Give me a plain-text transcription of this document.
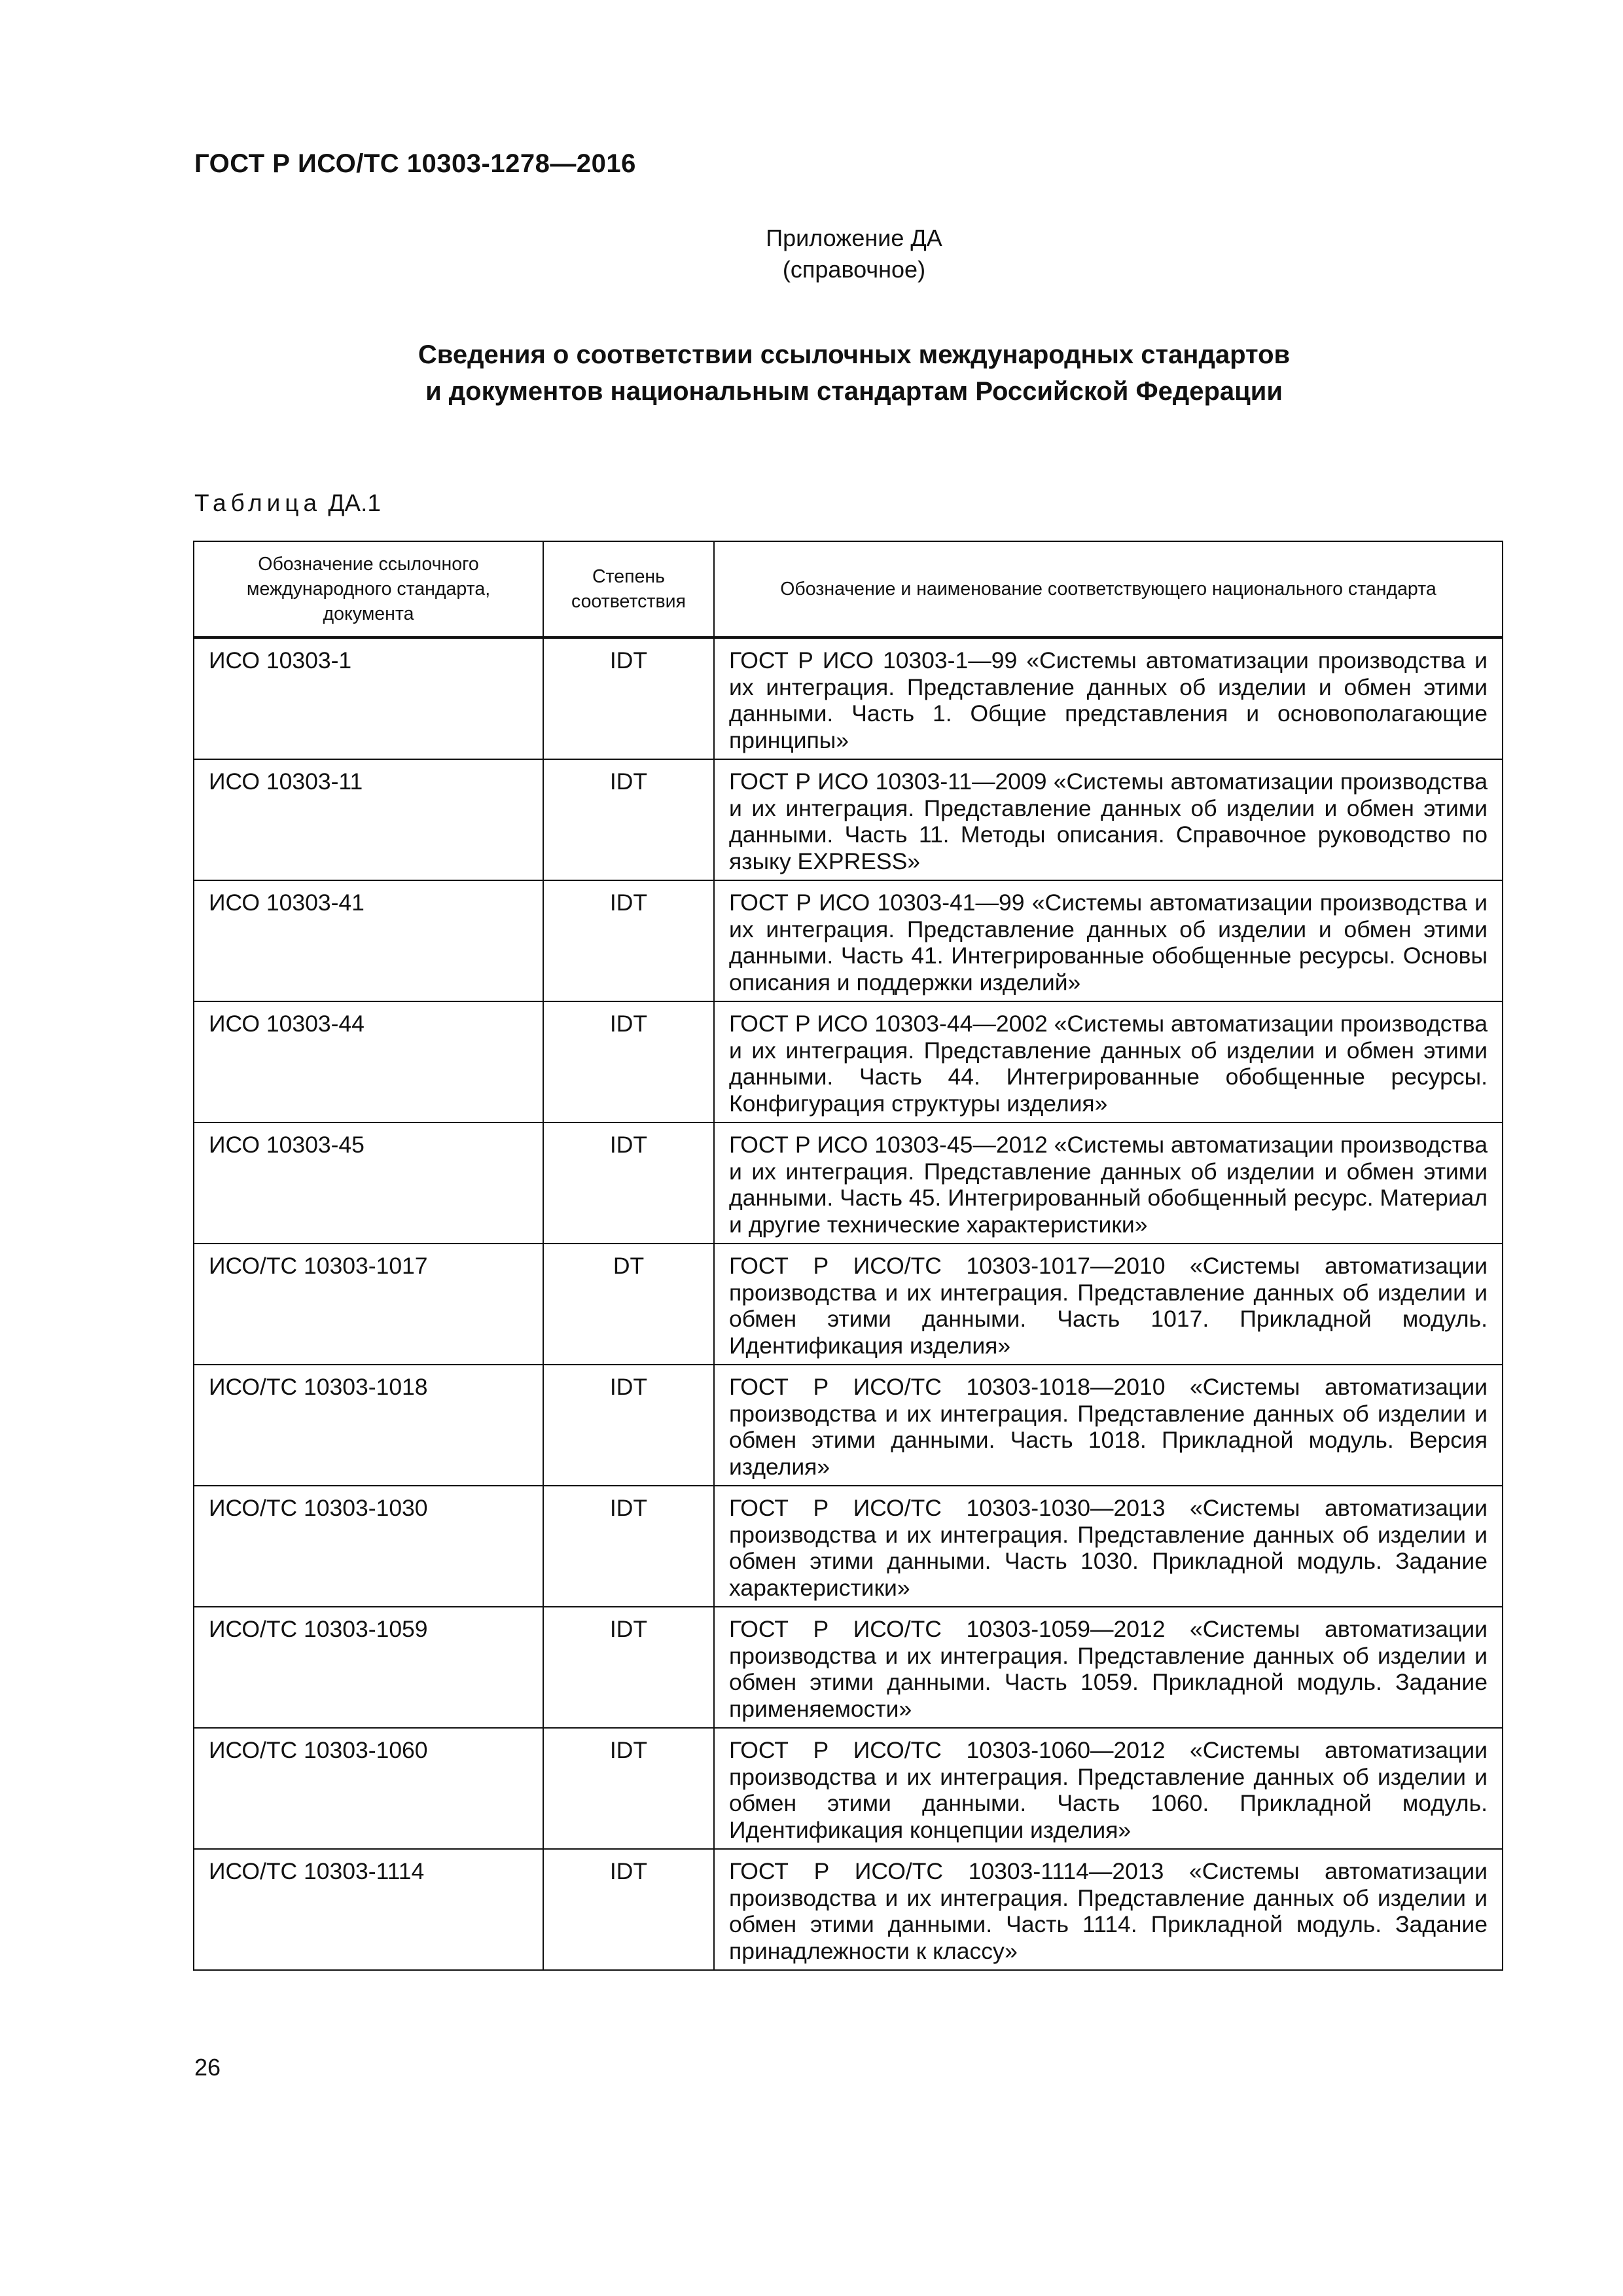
ГОСТ Р ИСО/ТС 10303-1278—2016
Приложение ДА
(справочное)
Сведения о соответствии ссылочных международных стандартов
и документов национальным стандартам Российской Федерации
Таблица ДА.1
Обозначение ссылочного международного стандарта, документа	Степень соответствия	Обозначение и наименование соответствующего национального стандарта
ИСО 10303-1	IDT	ГОСТ Р ИСО 10303-1—99 «Системы автоматизации производства и их интеграция. Представление данных об изделии и обмен этими данными. Часть 1. Общие представления и основополагающие принципы»
ИСО 10303-11	IDT	ГОСТ Р ИСО 10303-11—2009 «Системы автоматизации производства и их интеграция. Представление данных об изделии и обмен этими данными. Часть 11. Методы описания. Справочное руководство по языку EXPRESS»
ИСО 10303-41	IDT	ГОСТ Р ИСО 10303-41—99 «Системы автоматизации производства и их интеграция. Представление данных об изделии и обмен этими данными. Часть 41. Интегрированные обобщенные ресурсы. Основы описания и поддержки изделий»
ИСО 10303-44	IDT	ГОСТ Р ИСО 10303-44—2002 «Системы автоматизации производства и их интеграция. Представление данных об изделии и обмен этими данными. Часть 44. Интегрированные обобщенные ресурсы. Конфигурация структуры изделия»
ИСО 10303-45	IDT	ГОСТ Р ИСО 10303-45—2012 «Системы автоматизации производства и их интеграция. Представление данных об изделии и обмен этими данными. Часть 45. Интегрированный обобщенный ресурс. Материал и другие технические характеристики»
ИСО/ТС 10303-1017	DT	ГОСТ Р ИСО/ТС 10303-1017—2010 «Системы автоматизации производства и их интеграция. Представление данных об изделии и обмен этими данными. Часть 1017. Прикладной модуль. Идентификация изделия»
ИСО/ТС 10303-1018	IDT	ГОСТ Р ИСО/ТС 10303-1018—2010 «Системы автоматизации производства и их интеграция. Представление данных об изделии и обмен этими данными. Часть 1018. Прикладной модуль. Версия изделия»
ИСО/ТС 10303-1030	IDT	ГОСТ Р ИСО/ТС 10303-1030—2013 «Системы автоматизации производства и их интеграция. Представление данных об изделии и обмен этими данными. Часть 1030. Прикладной модуль. Задание характеристики»
ИСО/ТС 10303-1059	IDT	ГОСТ Р ИСО/ТС 10303-1059—2012 «Системы автоматизации производства и их интеграция. Представление данных об изделии и обмен этими данными. Часть 1059. Прикладной модуль. Задание применяемости»
ИСО/ТС 10303-1060	IDT	ГОСТ Р ИСО/ТС 10303-1060—2012 «Системы автоматизации производства и их интеграция. Представление данных об изделии и обмен этими данными. Часть 1060. Прикладной модуль. Идентификация концепции изделия»
ИСО/ТС 10303-1114	IDT	ГОСТ Р ИСО/ТС 10303-1114—2013 «Системы автоматизации производства и их интеграция. Представление данных об изделии и обмен этими данными. Часть 1114. Прикладной модуль. Задание принадлежности к классу»
26
